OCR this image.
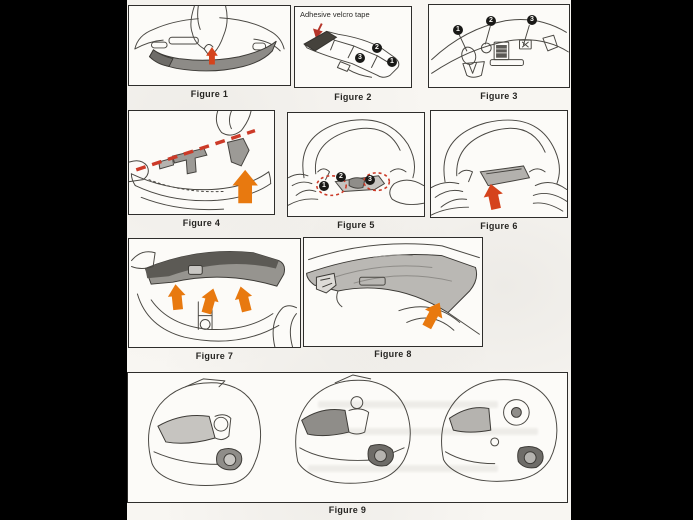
Figure 1
Adhesive velcro tape
1
2
3
Figure 2
1
2	3
Figure 3
Figure 4
1
2	3
Figure 5	Figure 6
Figure 7	Figure 8
Figure 9
